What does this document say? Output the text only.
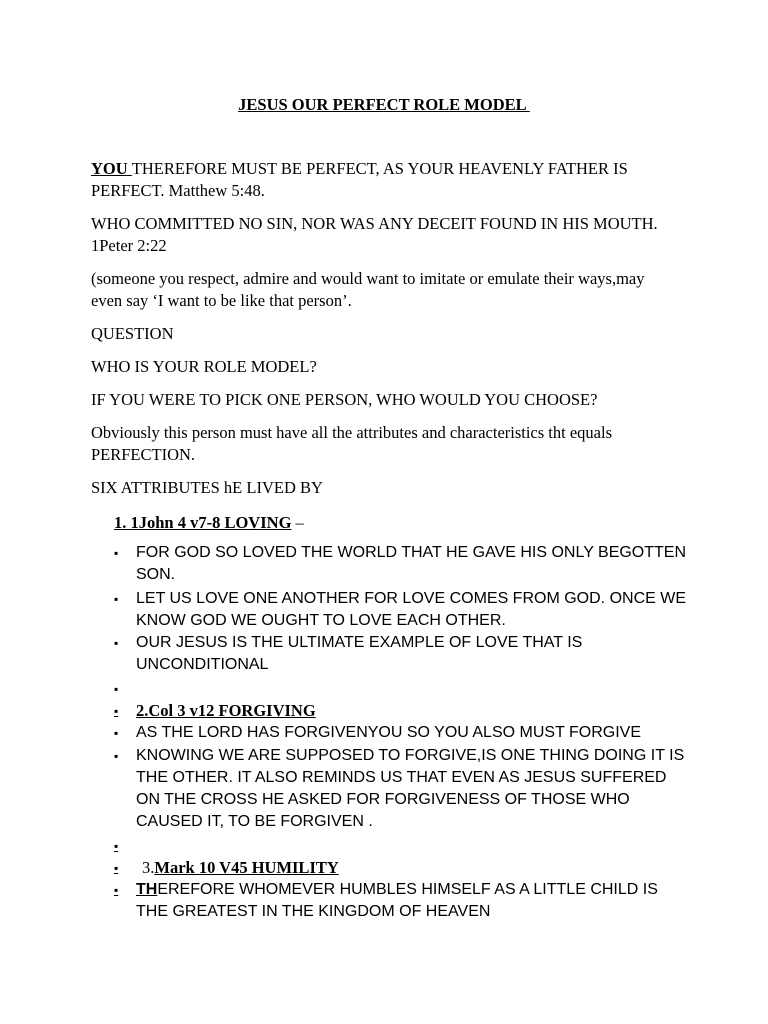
JESUS OUR PERFECT ROLE MODEL

YOU THEREFORE MUST BE PERFECT, AS YOUR HEAVENLY FATHER IS PERFECT. Matthew 5:48.

WHO COMMITTED NO SIN, NOR WAS ANY DECEIT FOUND IN HIS MOUTH. 1Peter 2:22

(someone you respect, admire and would want to imitate or emulate their ways,may even say ‘I want to be like that person’.

QUESTION

WHO IS YOUR ROLE MODEL?

IF YOU WERE TO PICK ONE PERSON, WHO WOULD YOU CHOOSE?

Obviously this person must have all the attributes and characteristics tht equals PERFECTION.

SIX ATTRIBUTES hE LIVED BY

1. 1John 4 v7-8 LOVING –
▪	FOR GOD SO LOVED THE WORLD THAT HE GAVE HIS ONLY BEGOTTEN SON.
▪	LET US LOVE ONE ANOTHER FOR LOVE COMES FROM GOD. ONCE WE KNOW GOD WE OUGHT TO LOVE EACH OTHER.
▪	OUR JESUS IS THE ULTIMATE EXAMPLE OF LOVE THAT IS UNCONDITIONAL
▪
▪	2.Col 3 v12 FORGIVING
▪	AS THE LORD HAS FORGIVENYOU SO YOU ALSO MUST FORGIVE
▪	KNOWING WE ARE SUPPOSED TO FORGIVE,IS ONE THING DOING IT IS THE OTHER. IT ALSO REMINDS US THAT EVEN AS JESUS SUFFERED ON THE CROSS HE ASKED FOR FORGIVENESS OF THOSE WHO CAUSED IT, TO BE FORGIVEN .
▪
▪	3.Mark 10 V45 HUMILITY
▪	THEREFORE WHOMEVER HUMBLES HIMSELF AS A LITTLE CHILD IS THE GREATEST IN THE KINGDOM OF HEAVEN
